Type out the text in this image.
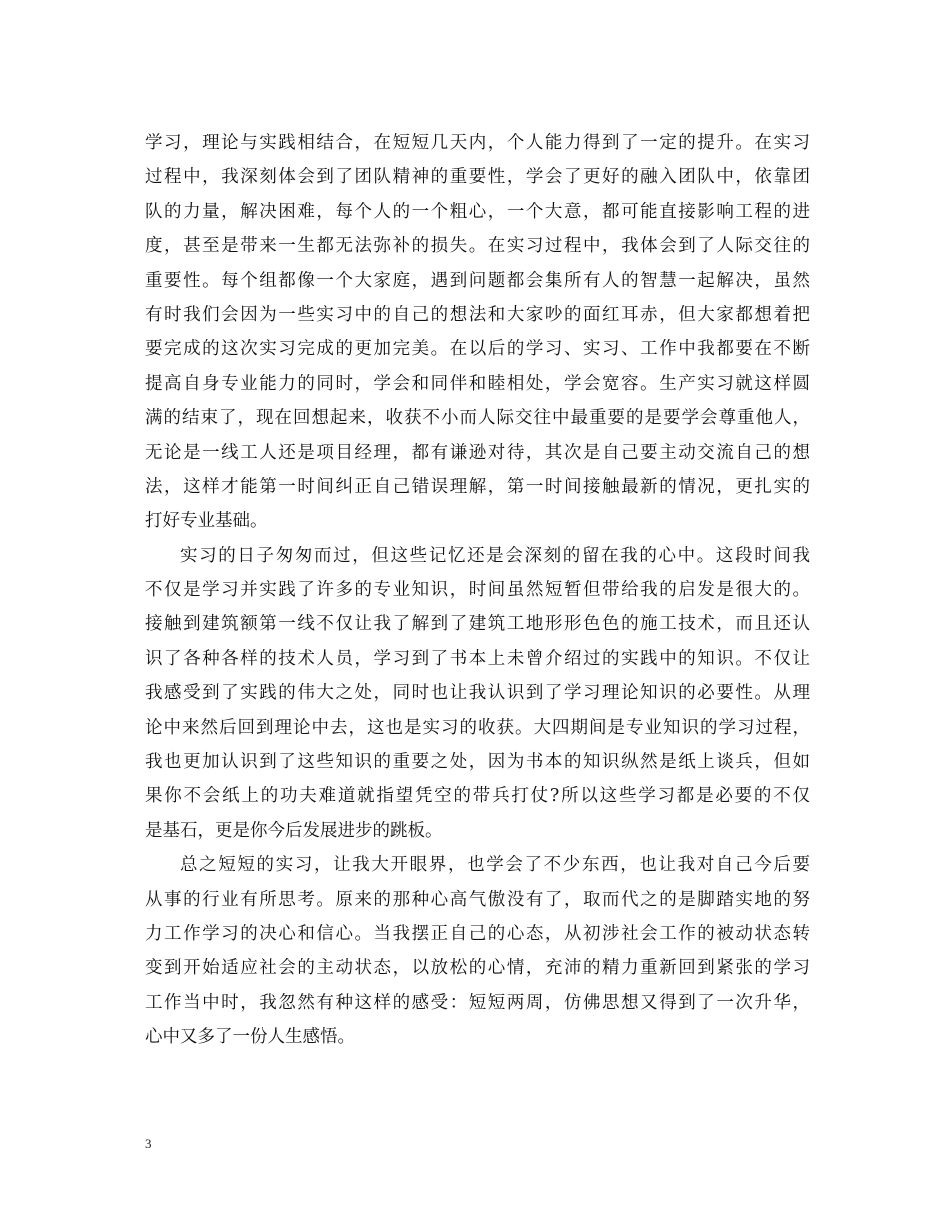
学习，理论与实践相结合，在短短几天内，个人能力得到了一定的提升。在实习
过程中，我深刻体会到了团队精神的重要性，学会了更好的融入团队中，依靠团
队的力量，解决困难，每个人的一个粗心，一个大意，都可能直接影响工程的进
度，甚至是带来一生都无法弥补的损失。在实习过程中，我体会到了人际交往的
重要性。每个组都像一个大家庭，遇到问题都会集所有人的智慧一起解决，虽然
有时我们会因为一些实习中的自己的想法和大家吵的面红耳赤，但大家都想着把
要完成的这次实习完成的更加完美。在以后的学习、实习、工作中我都要在不断
提高自身专业能力的同时，学会和同伴和睦相处，学会宽容。生产实习就这样圆
满的结束了，现在回想起来，收获不小而人际交往中最重要的是要学会尊重他人，
无论是一线工人还是项目经理，都有谦逊对待，其次是自己要主动交流自己的想
法，这样才能第一时间纠正自己错误理解，第一时间接触最新的情况，更扎实的
打好专业基础。
实习的日子匆匆而过，但这些记忆还是会深刻的留在我的心中。这段时间我
不仅是学习并实践了许多的专业知识，时间虽然短暂但带给我的启发是很大的。
接触到建筑额第一线不仅让我了解到了建筑工地形形色色的施工技术，而且还认
识了各种各样的技术人员，学习到了书本上未曾介绍过的实践中的知识。不仅让
我感受到了实践的伟大之处，同时也让我认识到了学习理论知识的必要性。从理
论中来然后回到理论中去，这也是实习的收获。大四期间是专业知识的学习过程，
我也更加认识到了这些知识的重要之处，因为书本的知识纵然是纸上谈兵，但如
果你不会纸上的功夫难道就指望凭空的带兵打仗?所以这些学习都是必要的不仅
是基石，更是你今后发展进步的跳板。
总之短短的实习，让我大开眼界，也学会了不少东西，也让我对自己今后要
从事的行业有所思考。原来的那种心高气傲没有了，取而代之的是脚踏实地的努
力工作学习的决心和信心。当我摆正自己的心态，从初涉社会工作的被动状态转
变到开始适应社会的主动状态，以放松的心情，充沛的精力重新回到紧张的学习
工作当中时，我忽然有种这样的感受：短短两周，仿佛思想又得到了一次升华，
心中又多了一份人生感悟。
3
